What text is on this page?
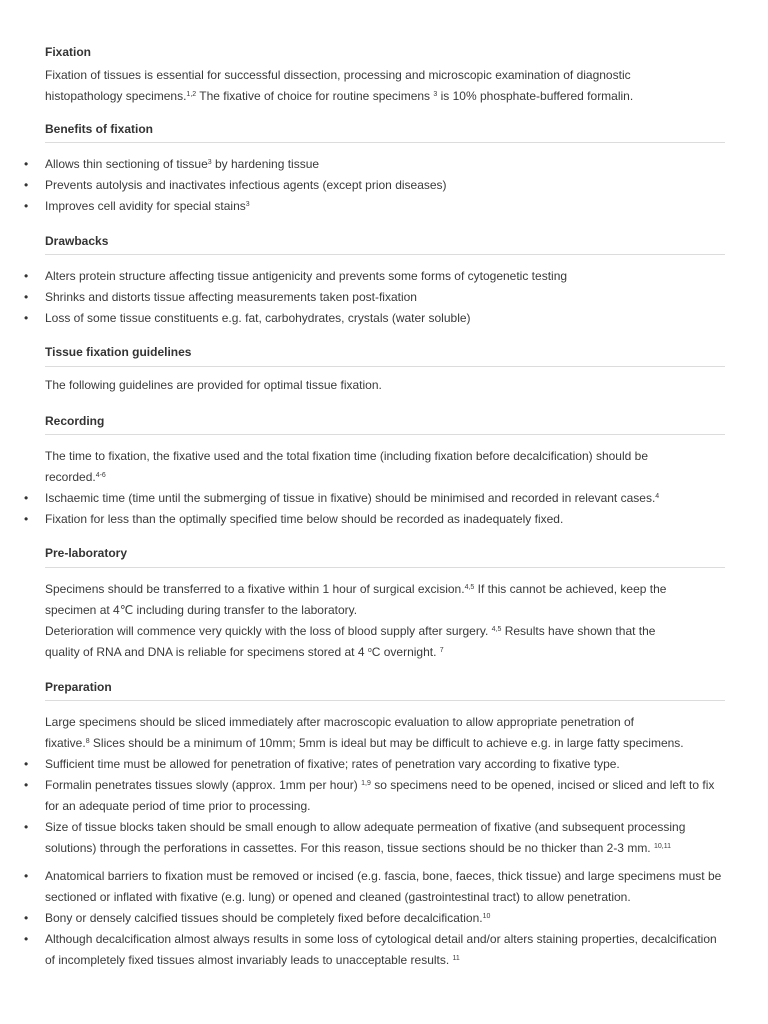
Fixation

Fixation of tissues is essential for successful dissection, processing and microscopic examination of diagnostic
histopathology specimens.$^{1,2}$ The fixative of choice for routine specimens $^3$ is 10% phosphate-buffered formalin.

Benefits of fixation
• Allows thin sectioning of tissue$^3$ by hardening tissue
• Prevents autolysis and inactivates infectious agents (except prion diseases)
• Improves cell avidity for special stains$^3$
Drawbacks
• Alters protein structure affecting tissue antigenicity and prevents some forms of cytogenetic testing
• Shrinks and distorts tissue affecting measurements taken post-fixation
• Loss of some tissue constituents e.g. fat, carbohydrates, crystals (water soluble)
Tissue fixation guidelines
The following guidelines are provided for optimal tissue fixation.
Recording

The time to fixation, the fixative used and the total fixation time (including fixation before decalcification) should be
recorded.$^{4-6}$

• Ischaemic time (time until the submerging of tissue in fixative) should be minimised and recorded in relevant cases.$^4$
• Fixation for less than the optimally specified time below should be recorded as inadequately fixed.
Pre-laboratory

Specimens should be transferred to a fixative within 1 hour of surgical excision.$^{4,5}$ If this cannot be achieved, keep the
specimen at 4℃ including during transfer to the laboratory.
Deterioration will commence very quickly with the loss of blood supply after surgery. $^{4,5}$ Results have shown that the
quality of RNA and DNA is reliable for specimens stored at 4 $^o$C overnight. $^7$

Preparation

Large specimens should be sliced immediately after macroscopic evaluation to allow appropriate penetration of
fixative.$^8$ Slices should be a minimum of 10mm; 5mm is ideal but may be difficult to achieve e.g. in large fatty specimens.

• Sufficient time must be allowed for penetration of fixative; rates of penetration vary according to fixative type.
• Formalin penetrates tissues slowly (approx. 1mm per hour) $^{1,9}$ so specimens need to be opened, incised or sliced and left to fix for an adequate period of time prior to processing.
• Size of tissue blocks taken should be small enough to allow adequate permeation of fixative (and subsequent processing solutions) through the perforations in cassettes. For this reason, tissue sections should be no thicker than 2-3 mm. $^{10,11}$
• Anatomical barriers to fixation must be removed or incised (e.g. fascia, bone, faeces, thick tissue) and large specimens must be sectioned or inflated with fixative (e.g. lung) or opened and cleaned (gastrointestinal tract) to allow penetration.
• Bony or densely calcified tissues should be completely fixed before decalcification.$^{10}$
• Although decalcification almost always results in some loss of cytological detail and/or alters staining properties, decalcification of incompletely fixed tissues almost invariably leads to unacceptable results. $^{11}$
